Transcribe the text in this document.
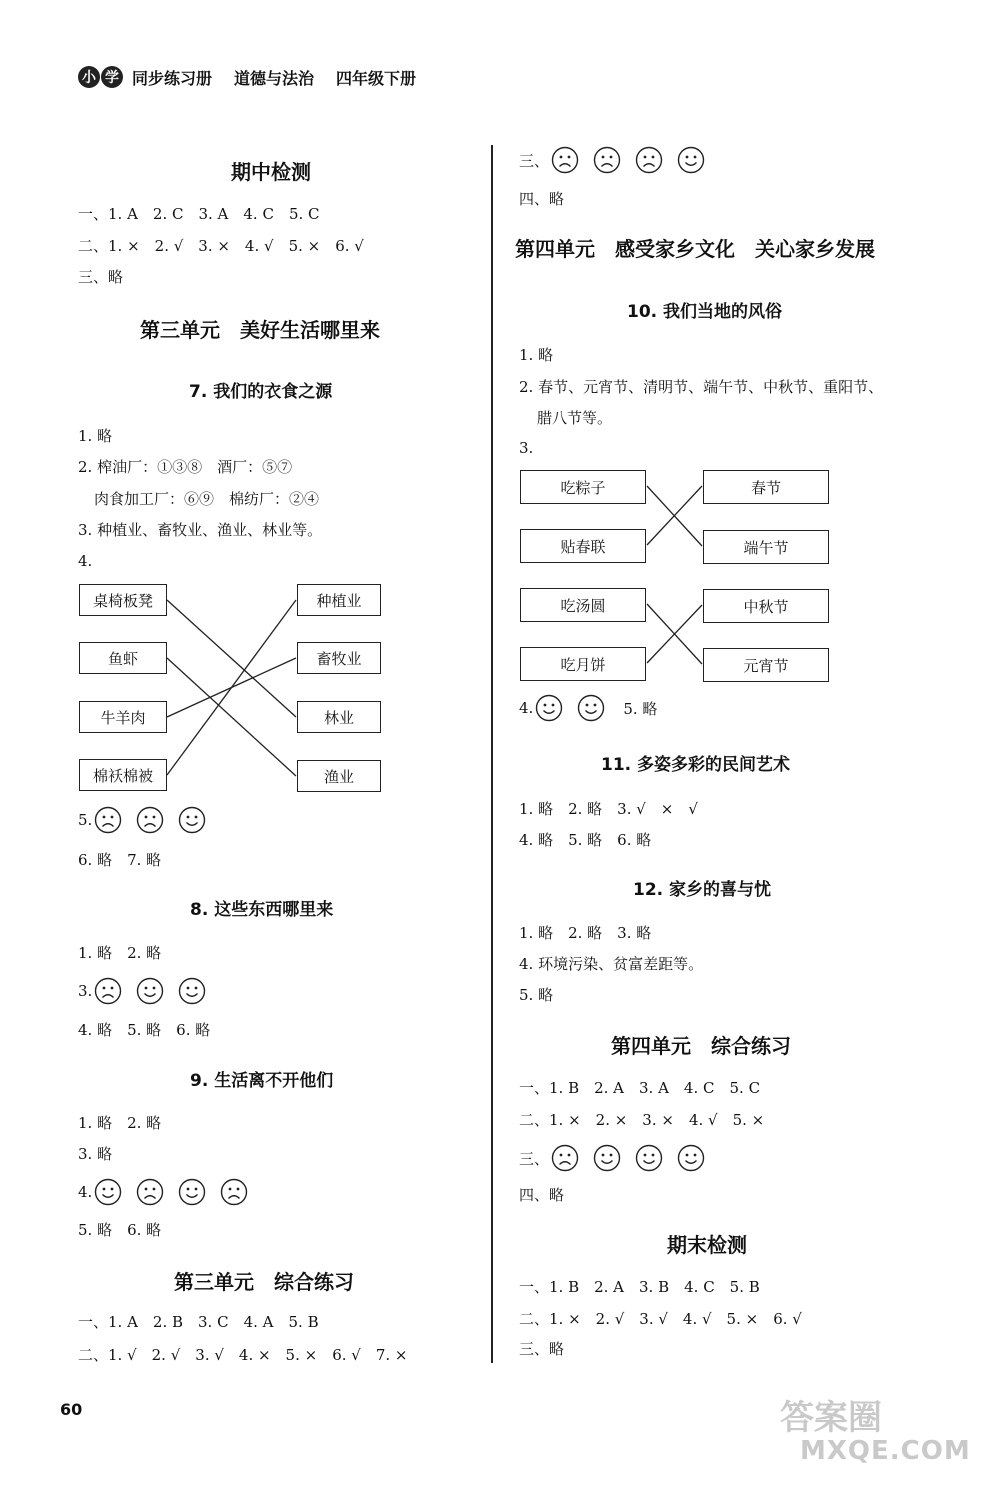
小 学 同步练习册 道德与法治 四年级下册
期中检测
一、1. A　2. C　3. A　4. C　5. C
二、1. ×　2. √　3. ×　4. √　5. ×　6. √
三、略
第三单元　美好生活哪里来
7. 我们的衣食之源
1. 略
2. 榨油厂：①③⑧　酒厂：⑤⑦
肉食加工厂：⑥⑨　棉纺厂：②④
3. 种植业、畜牧业、渔业、林业等。
4.
桌椅板凳
鱼虾
牛羊肉
棉袄棉被
种植业
畜牧业
林业
渔业
5.
6. 略　7. 略
8. 这些东西哪里来
1. 略　2. 略
3.
4. 略　5. 略　6. 略
9. 生活离不开他们
1. 略　2. 略
3. 略
4.
5. 略　6. 略
第三单元　综合练习
一、1. A　2. B　3. C　4. A　5. B
二、1. √　2. √　3. √　4. ×　5. ×　6. √　7. ×
三、
四、略
第四单元　感受家乡文化　关心家乡发展
10. 我们当地的风俗
1. 略
2. 春节、元宵节、清明节、端午节、中秋节、重阳节、
腊八节等。
3.
吃粽子
贴春联
吃汤圆
吃月饼
春节
端午节
中秋节
元宵节
4.	5. 略
11. 多姿多彩的民间艺术
1. 略　2. 略　3. √　×　√
4. 略　5. 略　6. 略
12. 家乡的喜与忧
1. 略　2. 略　3. 略
4. 环境污染、贫富差距等。
5. 略
第四单元　综合练习
一、1. B　2. A　3. A　4. C　5. C
二、1. ×　2. ×　3. ×　4. √　5. ×
三、
四、略
期末检测
一、1. B　2. A　3. B　4. C　5. B
二、1. ×　2. √　3. √　4. √　5. ×　6. √
三、略
60	答案圈
MXQE.COM
